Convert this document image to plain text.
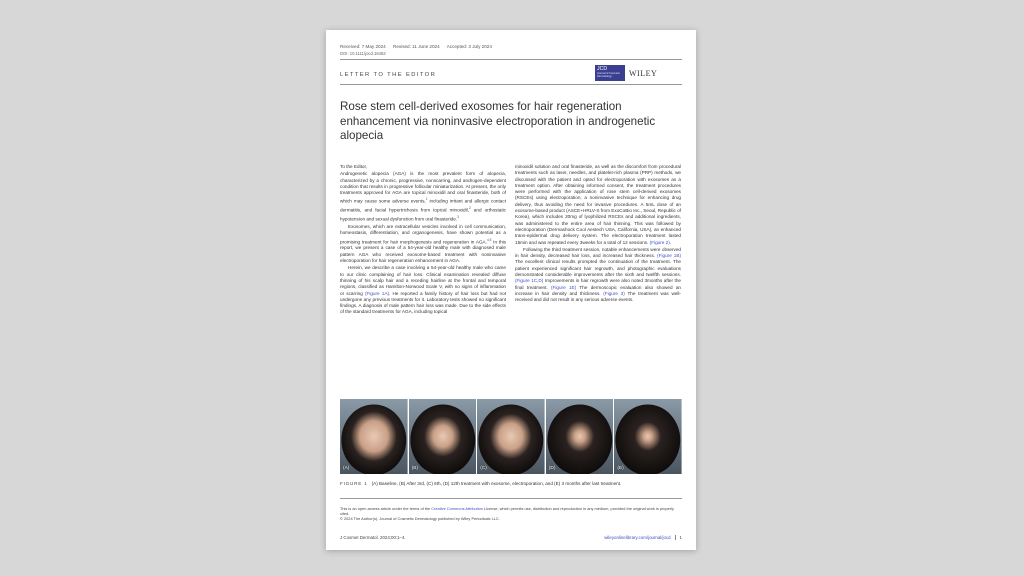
Received: 7 May 2024 Revised: 11 June 2024 Accepted: 3 July 2024
DOI: 10.1111/jocd.16463
LETTER TO THE EDITOR
JCD
Journal of Cosmetic Dermatology	WILEY
Rose stem cell-derived exosomes for hair regeneration enhancement via noninvasive electroporation in androgenetic alopecia

To the Editor,

Androgenetic alopecia (AGA) is the most prevalent form of alopecia, characterized by a chronic, progressive, nonscarring, and androgen-dependent condition that results in progressive follicular miniaturization. At present, the only treatments approved for AGA are topical minoxidil and oral finasteride, both of which may cause some adverse events,$^1$ including irritant and allergic contact dermatitis, and facial hypertrichosis from topical minoxidil,$^2$ and orthostatic hypotension and sexual dysfunction from oral finasteride.$^3$

Exosomes, which are extracellular vesicles involved in cell communication, homeostasis, differentiation, and organogenesis, have shown potential as a promising treatment for hair morphogenesis and regeneration in AGA.$^{4,5}$ In this report, we present a case of a 54-year-old healthy male with diagnosed male pattern AGA who received exosome-based treatment with noninvasive electroporation for hair regeneration enhancement in AGA.

Herein, we describe a case involving a 54-year-old healthy male who came to our clinic complaining of hair loss. Clinical examination revealed diffuse thinning of his scalp hair and a receding hairline at the frontal and temporal regions, classified as Hamilton-Norwood Scale V, with no signs of inflammation or scarring (Figure 1A). He reported a family history of hair loss but had not undergone any previous treatments for it. Laboratory tests showed no significant findings. A diagnosis of male pattern hair loss was made. Due to the side effects of the standard treatments for AGA, including topical

minoxidil solution and oral finasteride, as well as the discomfort from procedural treatments such as laser, needles, and platelet-rich plasma (PRP) methods, we discussed with the patient and opted for electroporation with exosomes as a treatment option. After obtaining informed consent, the treatment procedures were performed with the application of rose stem cell-derived exosomes (RSCEs) using electroporation, a noninvasive technique for enhancing drug delivery, thus avoiding the need for invasive procedures. A 5mL dose of an exosome-based product (ASCE+HRLV-S from ExoCoBio Inc., Seoul, Republic of Korea), which includes 20mg of lyophilized RSCEs and additional ingredients, was administered to the entire area of hair thinning. This was followed by electroporation (Dermashock Cool Aestech USA, California, USA), an enhanced trans-epidermal drug delivery system. The electroporation treatment lasted 15min and was repeated every 3weeks for a total of 12 sessions. (Figure 2).

Following the third treatment session, notable enhancements were observed in hair density, decreased hair loss, and increased hair thickness. (Figure 1B) The excellent clinical results prompted the continuation of the treatment. The patient experienced significant hair regrowth, and photographic evaluations demonstrated considerable improvements after the sixth and twelfth sessions. (Figure 1C,D) Improvements in hair regrowth were also noted 3months after the final treatment. (Figure 1E) The dermoscopic evaluation also showed an increase in hair density and thickness. (Figure 3) The treatment was well-received and did not result in any serious adverse events.

(A)	(B)	(C)	(D)	(E)
FIGURE 1 (A) Baseline, (B) After 3rd, (C) 6th, (D) 12th treatment with exosome, electroporation, and (E) 3 months after last treatment.
This is an open access article under the terms of the Creative Commons Attribution License, which permits use, distribution and reproduction in any medium, provided the original work is properly cited.
© 2024 The Author(s). Journal of Cosmetic Dermatology published by Wiley Periodicals LLC.
J Cosmet Dermatol. 2024;00:1–4.	wileyonlinelibrary.com/journal/jocd	1
